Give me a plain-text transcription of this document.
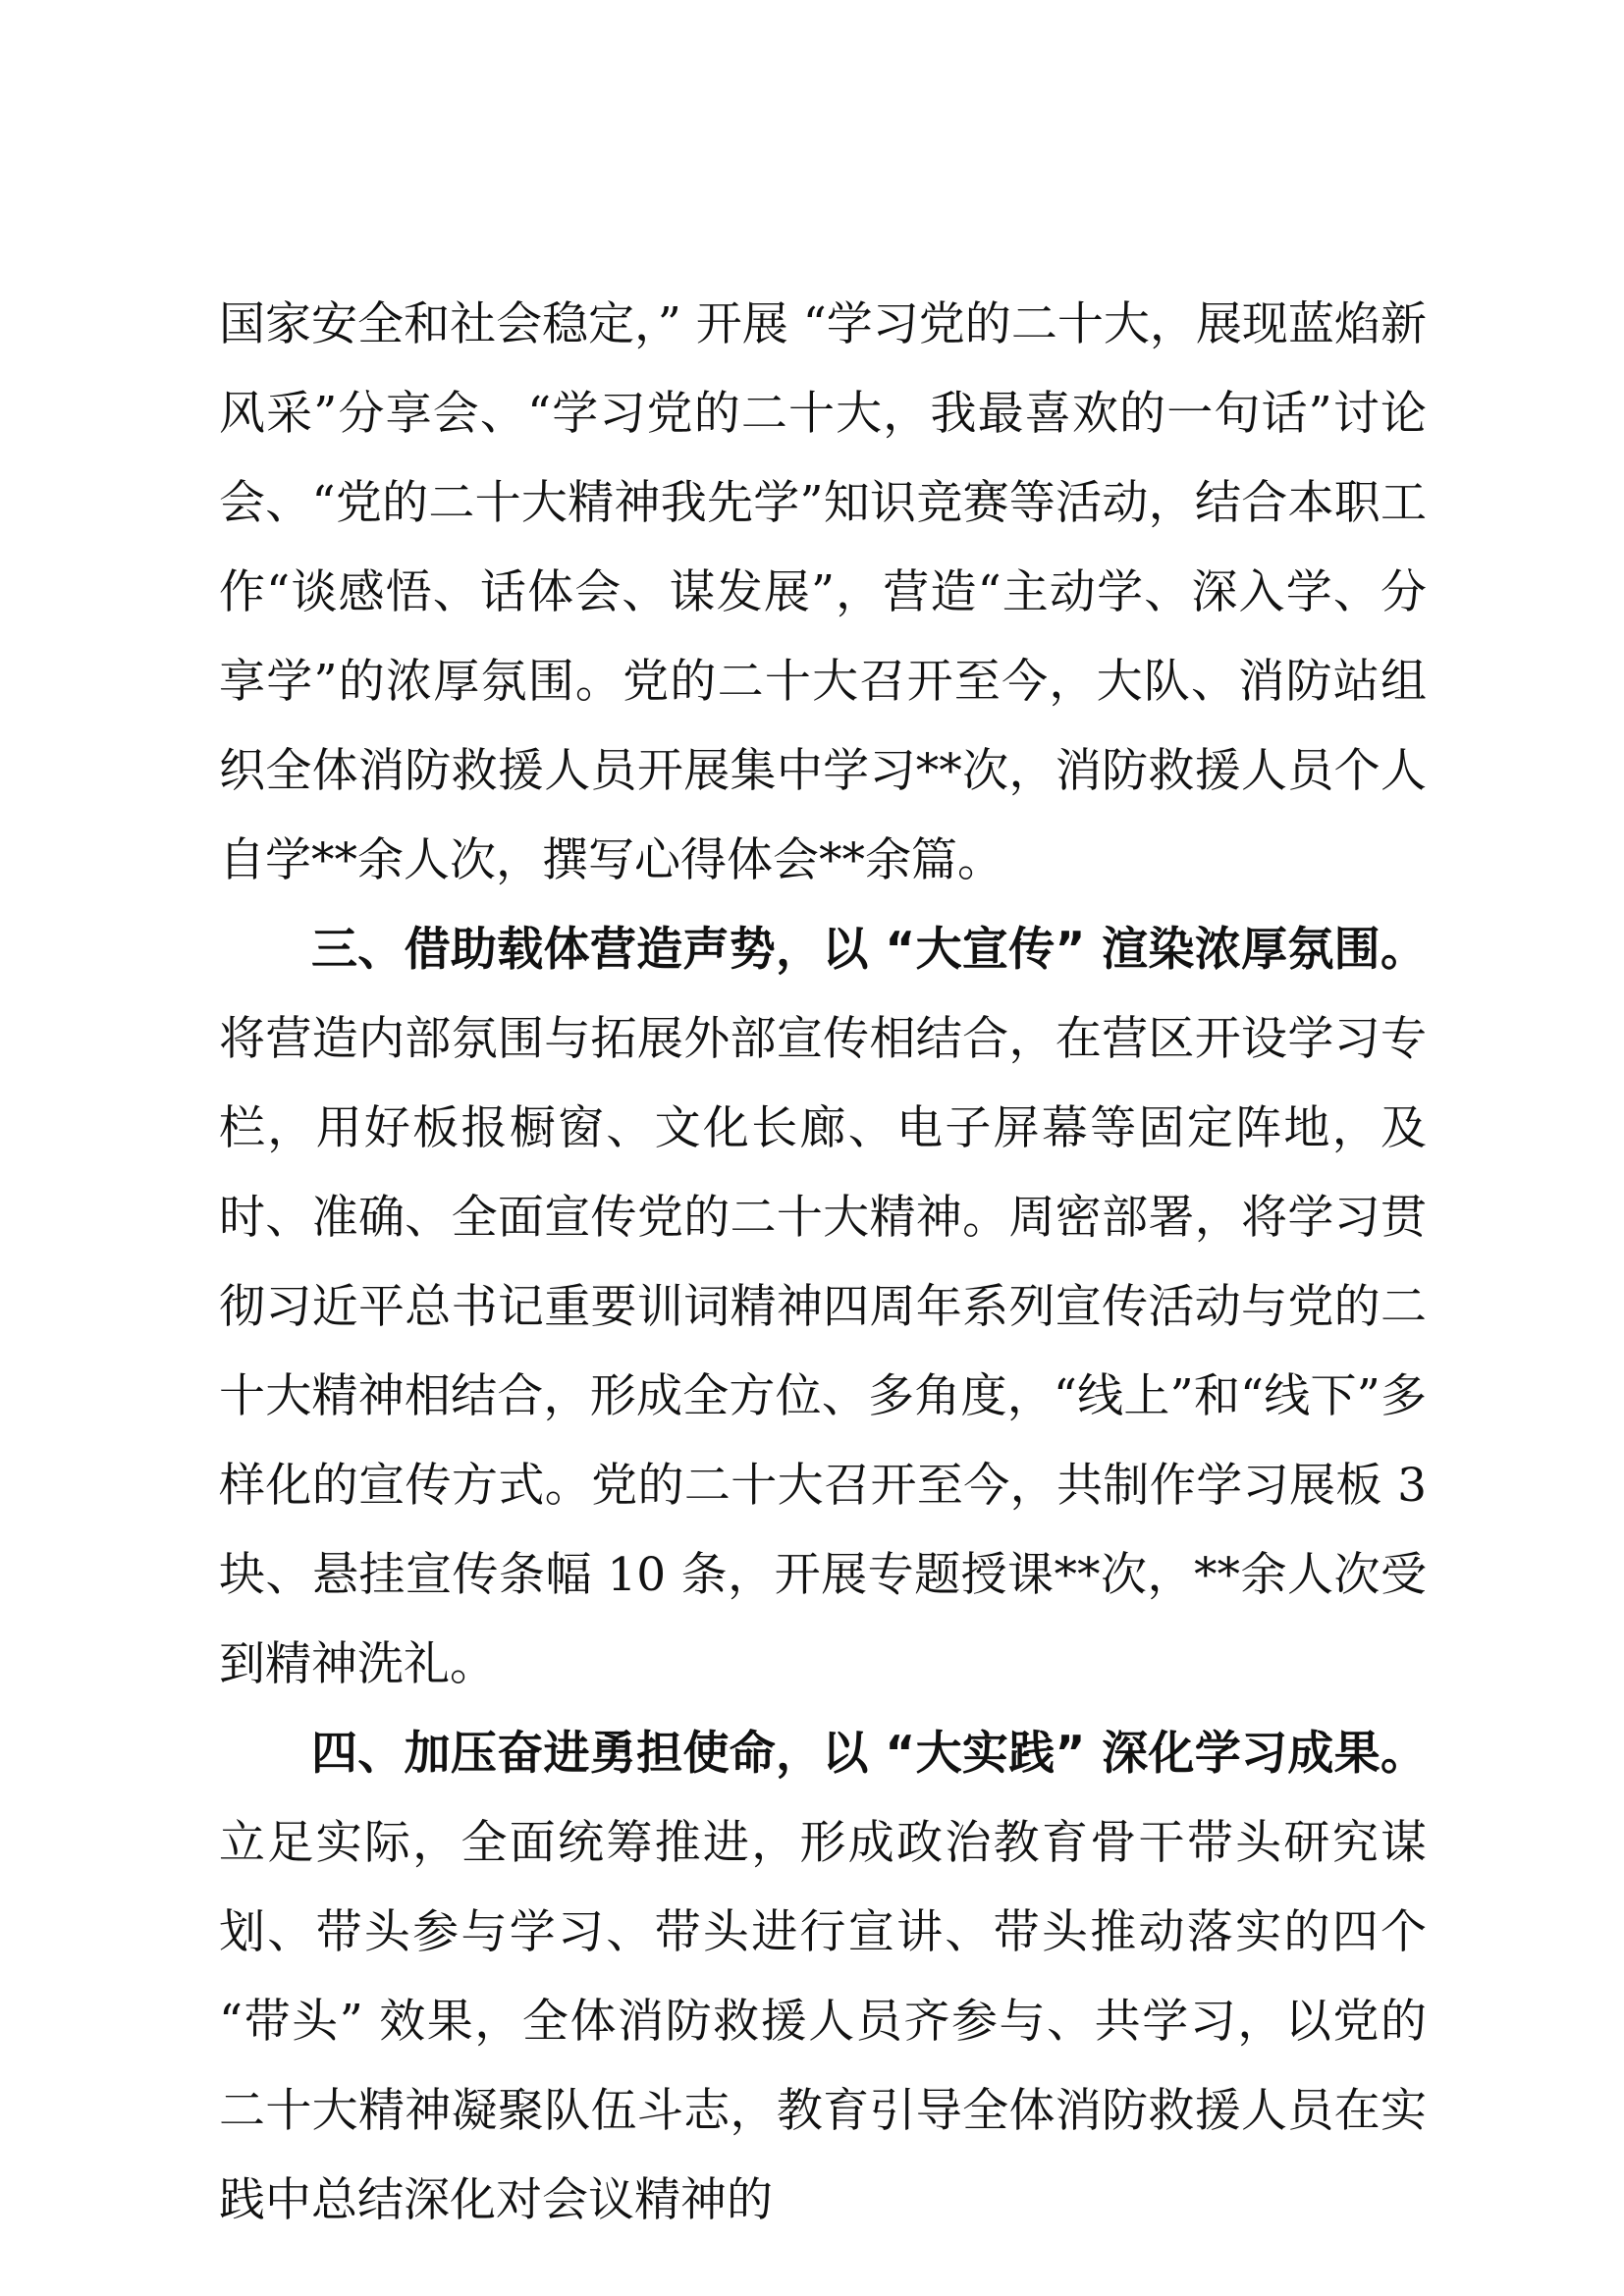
国家安全和社会稳定，” 开展 “学习党的二十大，展现蓝焰新风采”分享会、“学习党的二十大，我最喜欢的一句话”讨论会、“党的二十大精神我先学”知识竞赛等活动，结合本职工作“谈感悟、话体会、谋发展”，营造“主动学、深入学、分享学”的浓厚氛围。党的二十大召开至今，大队、消防站组织全体消防救援人员开展集中学习**次，消防救援人员个人自学**余人次，撰写心得体会**余篇。

三、借助载体营造声势，以 “大宣传” 渲染浓厚氛围。将营造内部氛围与拓展外部宣传相结合，在营区开设学习专栏，用好板报橱窗、文化长廊、电子屏幕等固定阵地，及时、准确、全面宣传党的二十大精神。周密部署，将学习贯彻习近平总书记重要训词精神四周年系列宣传活动与党的二十大精神相结合，形成全方位、多角度，“线上”和“线下”多样化的宣传方式。党的二十大召开至今，共制作学习展板 3 块、悬挂宣传条幅 10 条，开展专题授课**次，**余人次受到精神洗礼。

四、加压奋进勇担使命，以 “大实践” 深化学习成果。立足实际，全面统筹推进，形成政治教育骨干带头研究谋划、带头参与学习、带头进行宣讲、带头推动落实的四个 “带头” 效果，全体消防救援人员齐参与、共学习，以党的二十大精神凝聚队伍斗志，教育引导全体消防救援人员在实践中总结深化对会议精神的
